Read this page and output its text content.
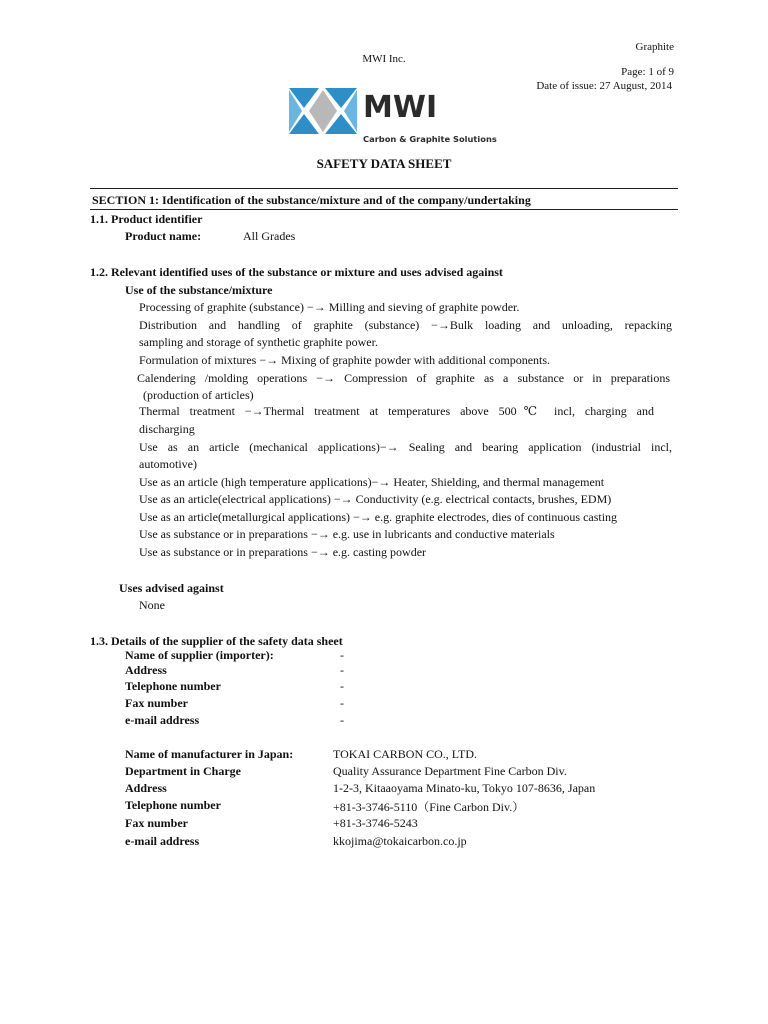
Graphite
MWI Inc.
Page: 1 of 9
Date of issue: 27 August, 2014
MWI
Carbon & Graphite Solutions
SAFETY DATA SHEET
SECTION 1: Identification of the substance/mixture and of the company/undertaking
1.1. Product identifier
Product name:	All Grades
1.2. Relevant identified uses of the substance or mixture and uses advised against
Use of the substance/mixture
Processing of graphite (substance) −→ Milling and sieving of graphite powder.
Distribution and handling of graphite (substance) −→Bulk loading and unloading, repacking
sampling and storage of synthetic graphite power.
Formulation of mixtures −→ Mixing of graphite powder with additional components.
Calendering /molding operations −→ Compression of graphite as a substance or in preparations
(production of articles)
Thermal treatment −→Thermal treatment at temperatures above 500℃ incl, charging and
discharging
Use as an article (mechanical applications)−→ Sealing and bearing application (industrial incl,
automotive)
Use as an article (high temperature applications)−→ Heater, Shielding, and thermal management
Use as an article(electrical applications) −→ Conductivity (e.g. electrical contacts, brushes, EDM)
Use as an article(metallurgical applications) −→ e.g. graphite electrodes, dies of continuous casting
Use as substance or in preparations −→ e.g. use in lubricants and conductive materials
Use as substance or in preparations −→ e.g. casting powder
Uses advised against
None
1.3. Details of the supplier of the safety data sheet
Name of supplier (importer):	-
Address	-
Telephone number	-
Fax number	-
e-mail address	-
Name of manufacturer in Japan:	TOKAI CARBON CO., LTD.
Department in Charge	Quality Assurance Department Fine Carbon Div.
Address	1-2-3, Kitaaoyama Minato-ku, Tokyo 107-8636, Japan
Telephone number	+81-3-3746-5110（Fine Carbon Div.）
Fax number	+81-3-3746-5243
e-mail address	kkojima@tokaicarbon.co.jp
